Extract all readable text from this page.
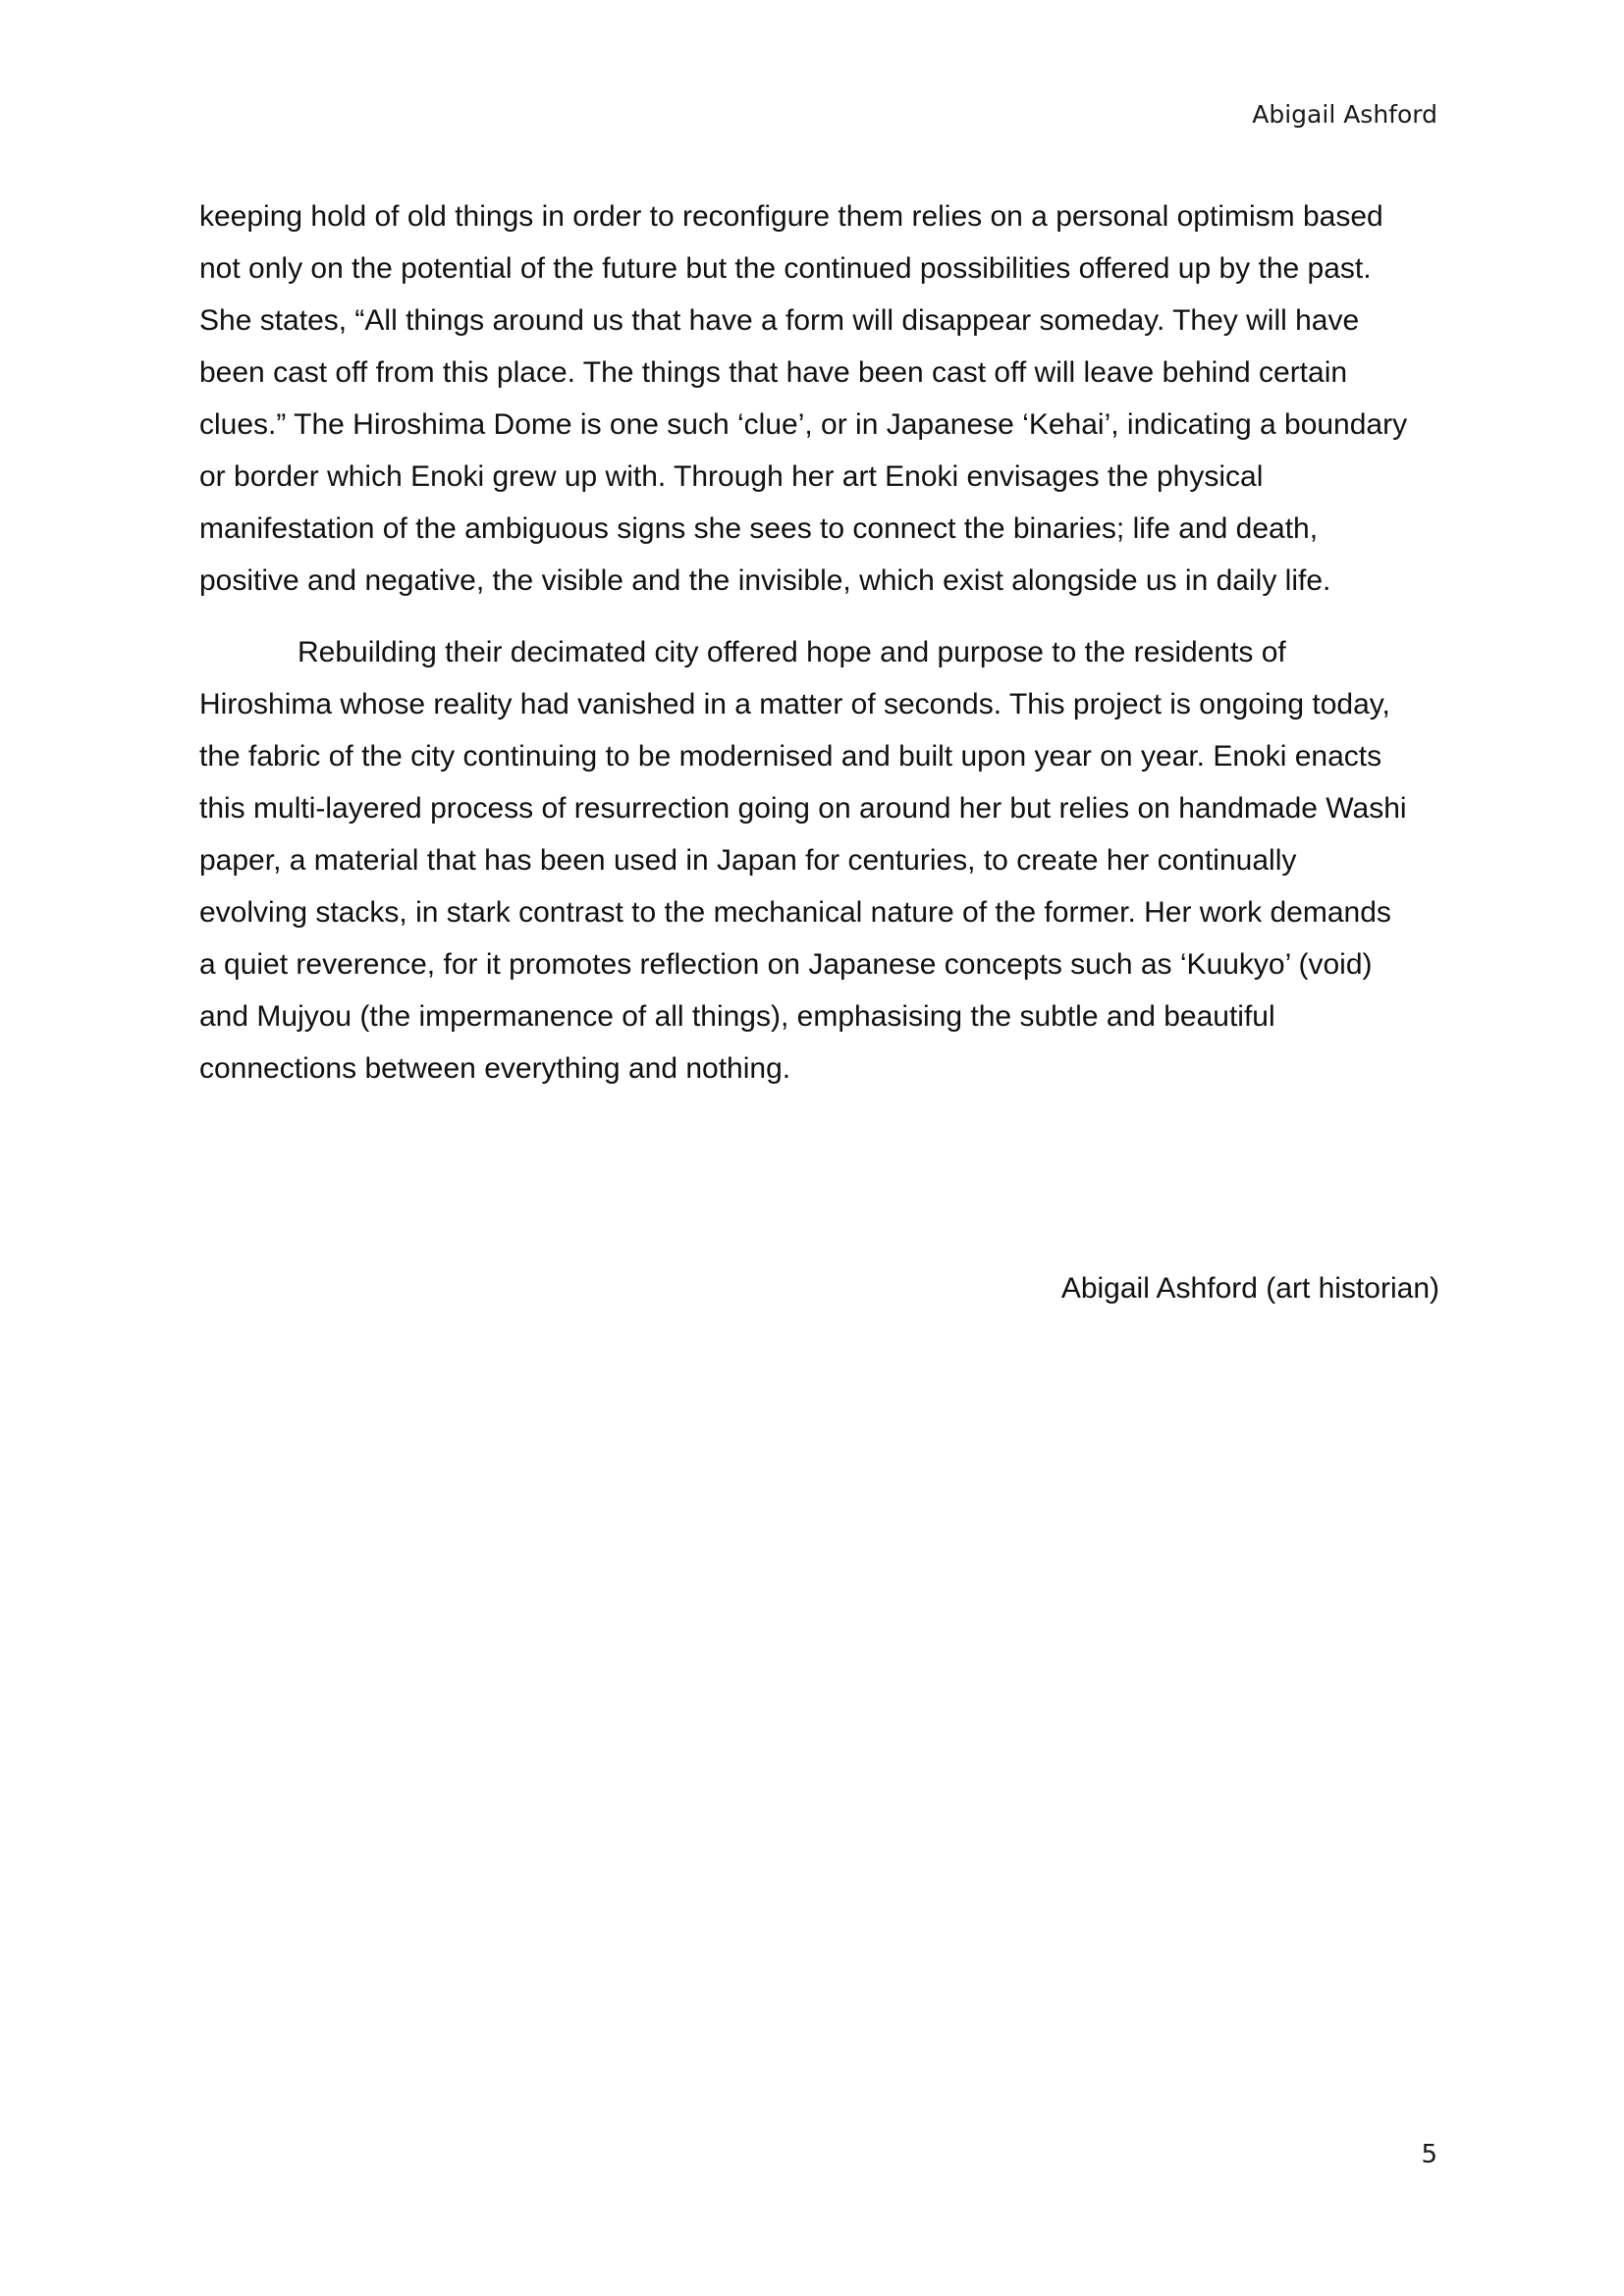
Abigail Ashford

keeping hold of old things in order to reconfigure them relies on a personal optimism based
not only on the potential of the future but the continued possibilities offered up by the past.
She states, “All things around us that have a form will disappear someday. They will have
been cast off from this place. The things that have been cast off will leave behind certain
clues.” The Hiroshima Dome is one such ‘clue’, or in Japanese ‘Kehai’, indicating a boundary
or border which Enoki grew up with. Through her art Enoki envisages the physical
manifestation of the ambiguous signs she sees to connect the binaries; life and death,
positive and negative, the visible and the invisible, which exist alongside us in daily life.

Rebuilding their decimated city offered hope and purpose to the residents of
Hiroshima whose reality had vanished in a matter of seconds. This project is ongoing today,
the fabric of the city continuing to be modernised and built upon year on year. Enoki enacts
this multi-layered process of resurrection going on around her but relies on handmade Washi
paper, a material that has been used in Japan for centuries, to create her continually
evolving stacks, in stark contrast to the mechanical nature of the former. Her work demands
a quiet reverence, for it promotes reflection on Japanese concepts such as ‘Kuukyo’ (void)
and Mujyou (the impermanence of all things), emphasising the subtle and beautiful
connections between everything and nothing.

Abigail Ashford (art historian)
5
